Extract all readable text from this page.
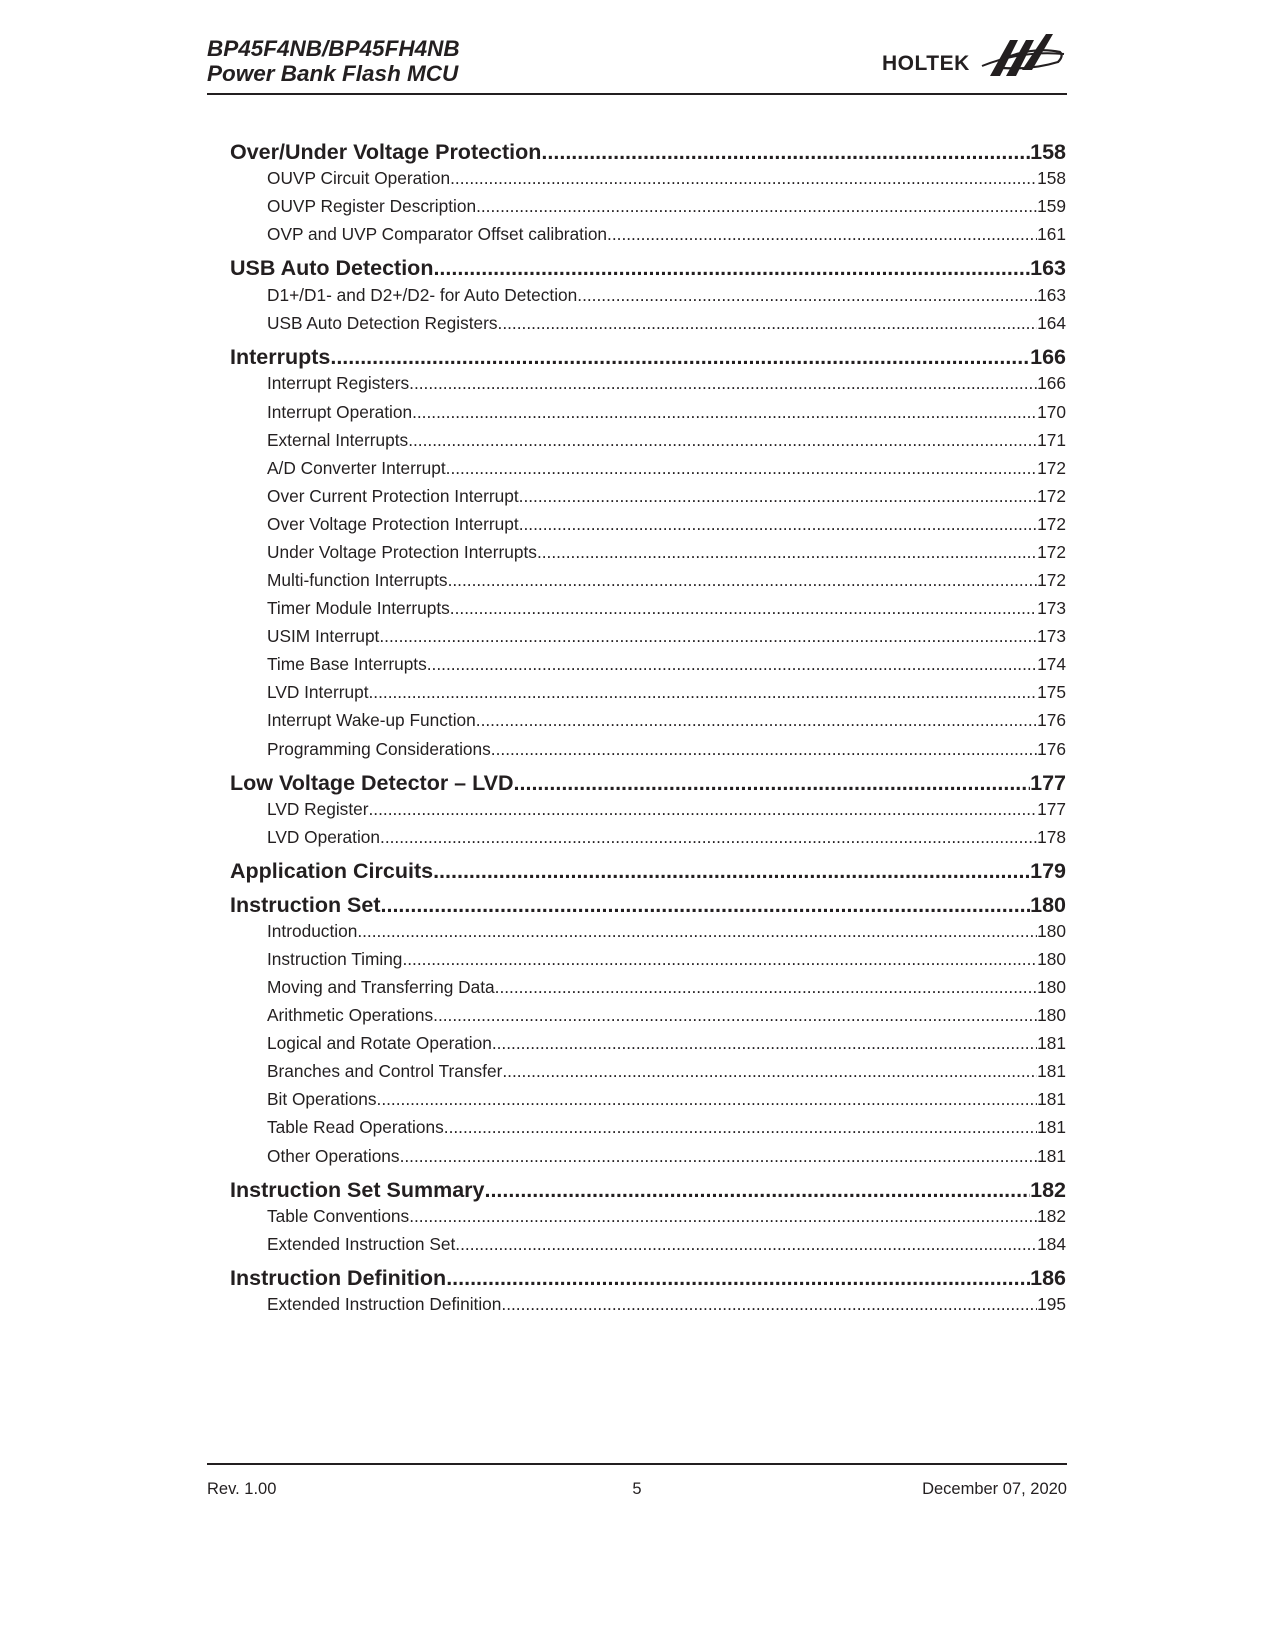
BP45F4NB/BP45FH4NB
Power Bank Flash MCU	HOLTEK
Over/Under Voltage Protection .....	158
OUVP Circuit Operation .....	158
OUVP Register Description .....	159
OVP and UVP Comparator Offset calibration .....	161
USB Auto Detection .....	163
D1+/D1- and D2+/D2- for Auto Detection .....	163
USB Auto Detection Registers .....	164
Interrupts .....	166
Interrupt Registers .....	166
Interrupt Operation .....	170
External Interrupts .....	171
A/D Converter Interrupt .....	172
Over Current Protection Interrupt .....	172
Over Voltage Protection Interrupt .....	172
Under Voltage Protection Interrupts .....	172
Multi-function Interrupts .....	172
Timer Module Interrupts .....	173
USIM Interrupt .....	173
Time Base Interrupts .....	174
LVD Interrupt .....	175
Interrupt Wake-up Function .....	176
Programming Considerations .....	176
Low Voltage Detector – LVD .....	177
LVD Register .....	177
LVD Operation .....	178
Application Circuits .....	179
Instruction Set .....	180
Introduction .....	180
Instruction Timing .....	180
Moving and Transferring Data .....	180
Arithmetic Operations .....	180
Logical and Rotate Operation .....	181
Branches and Control Transfer .....	181
Bit Operations .....	181
Table Read Operations .....	181
Other Operations .....	181
Instruction Set Summary .....	182
Table Conventions .....	182
Extended Instruction Set .....	184
Instruction Definition .....	186
Extended Instruction Definition .....	195
Rev. 1.00	5	December 07, 2020
